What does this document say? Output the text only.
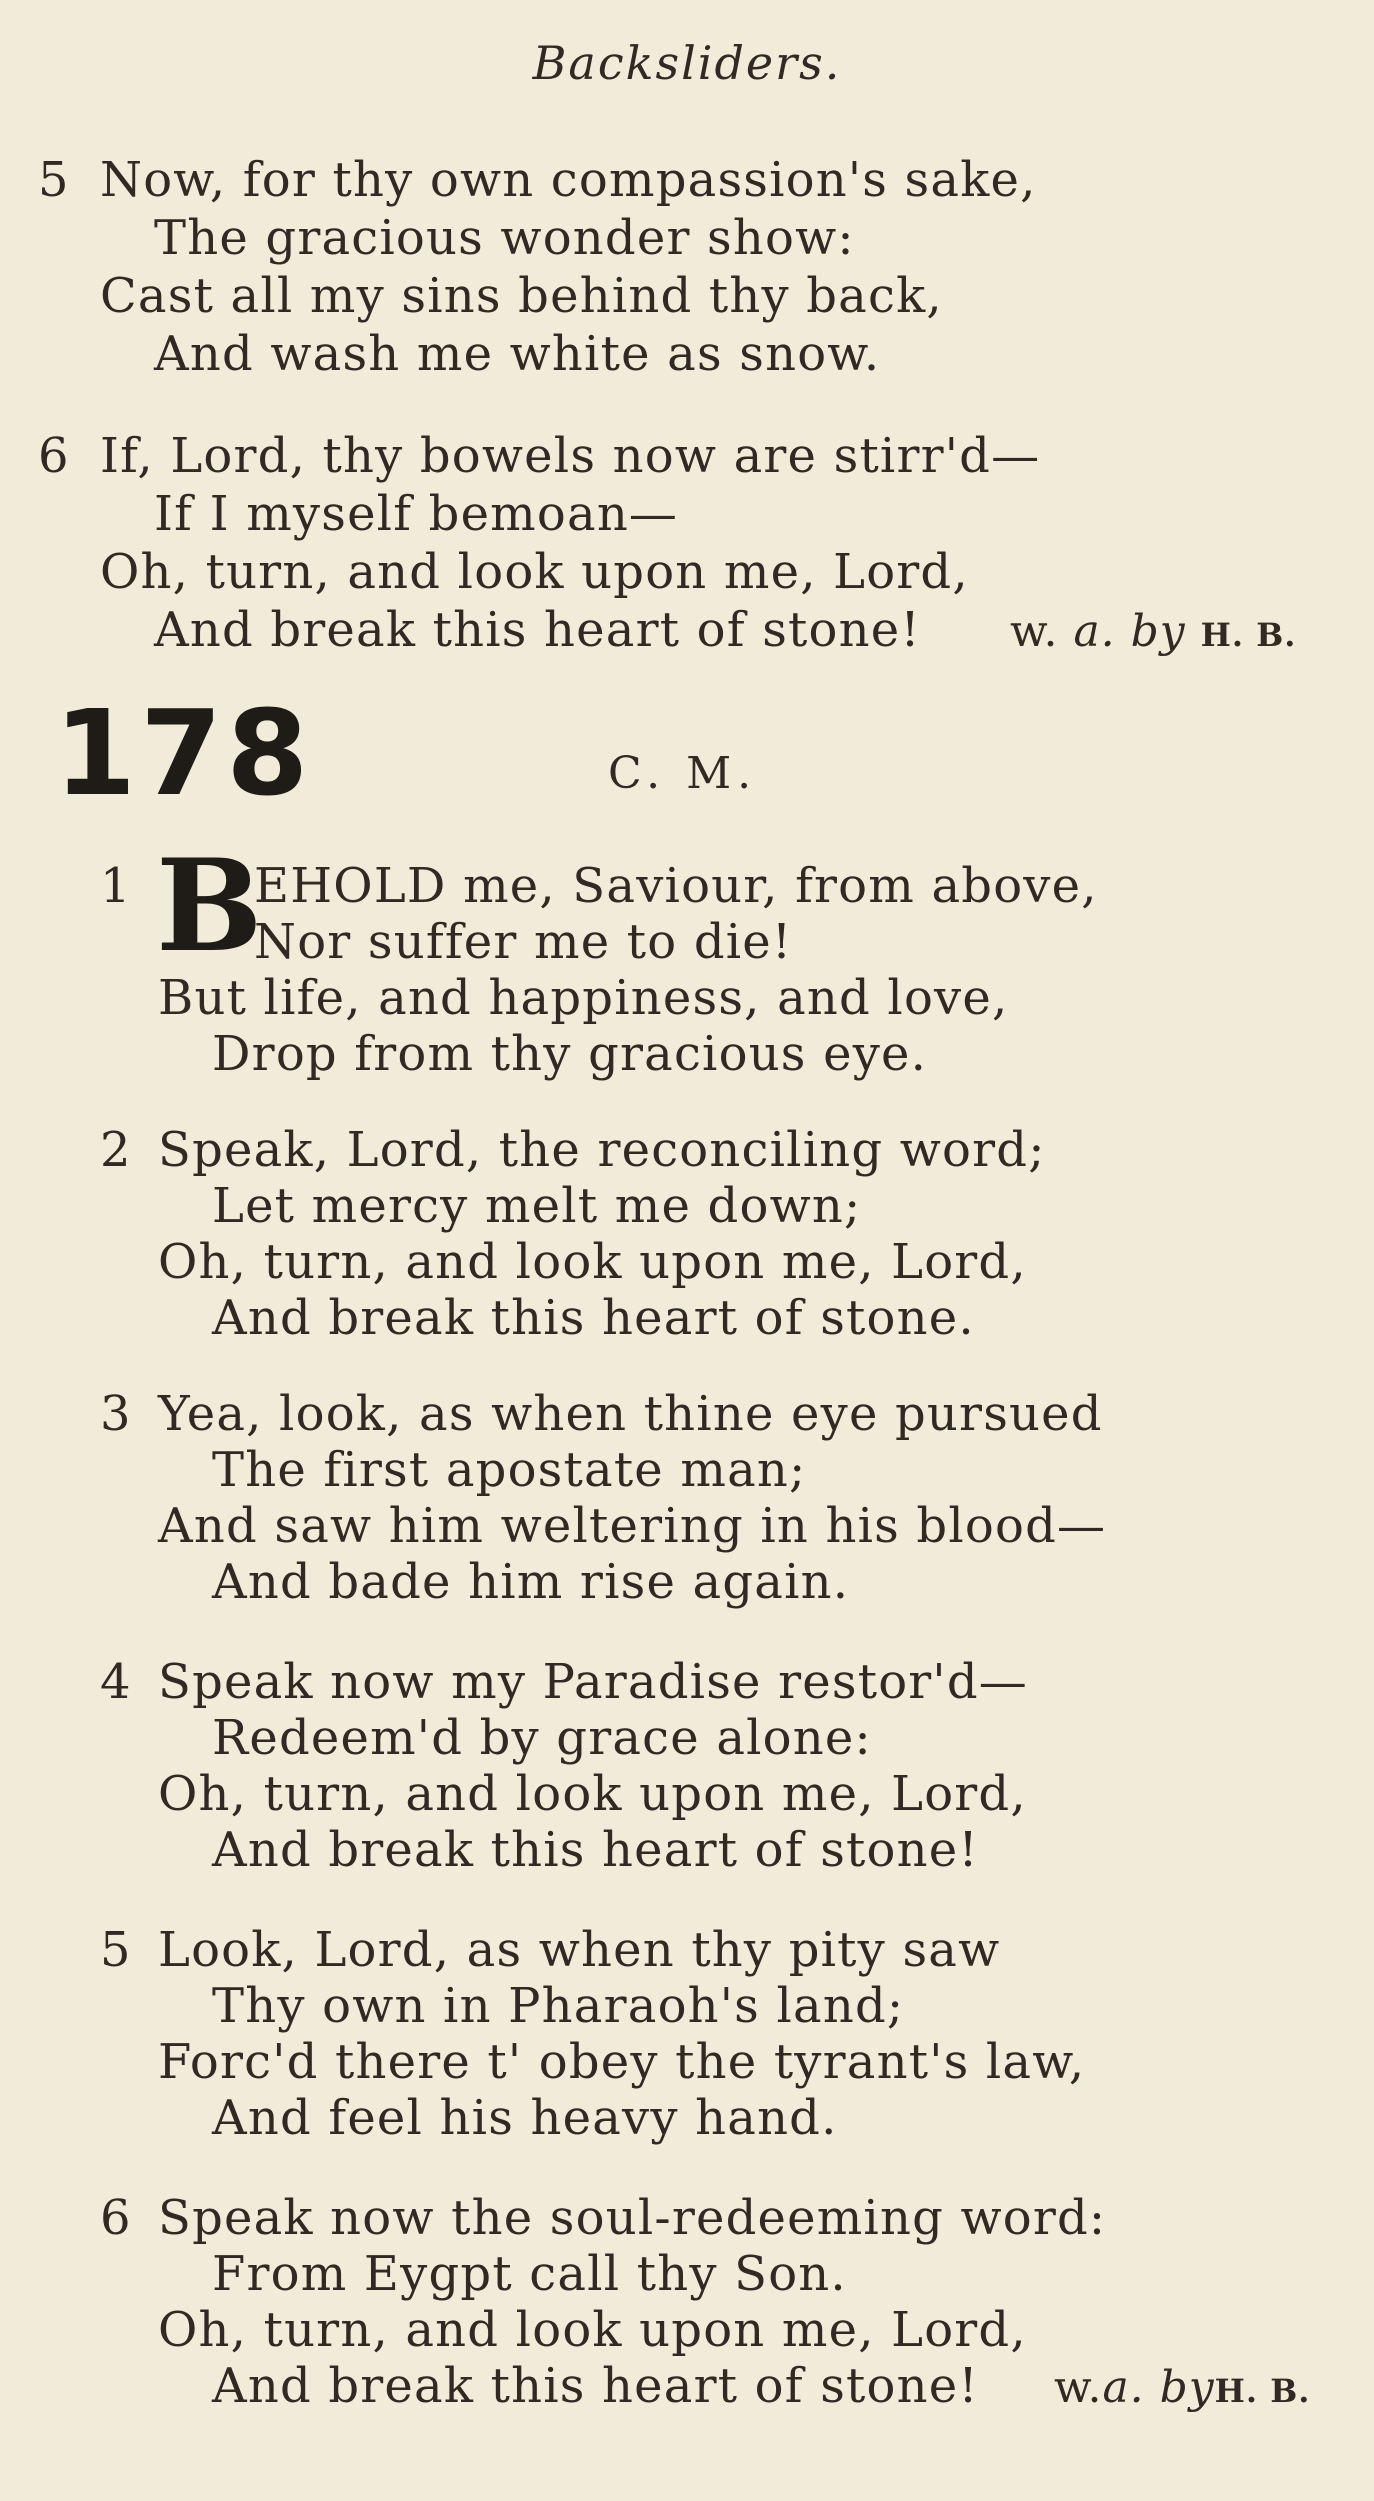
Backsliders.
5 Now, for thy own compassion's sake,
The gracious wonder show:
Cast all my sins behind thy back,
And wash me white as snow.
6 If, Lord, thy bowels now are stirr'd—
If I myself bemoan—
Oh, turn, and look upon me, Lord,
And break this heart of stone! w. a. by H. B.
178	C. M.
1 B
EHOLD me, Saviour, from above,
Nor suffer me to die!
But life, and happiness, and love,
Drop from thy gracious eye.
2 Speak, Lord, the reconciling word;
Let mercy melt me down;
Oh, turn, and look upon me, Lord,
And break this heart of stone.
3 Yea, look, as when thine eye pursued
The first apostate man;
And saw him weltering in his blood—
And bade him rise again.
4 Speak now my Paradise restor'd—
Redeem'd by grace alone:
Oh, turn, and look upon me, Lord,
And break this heart of stone!
5 Look, Lord, as when thy pity saw
Thy own in Pharaoh's land;
Forc'd there t' obey the tyrant's law,
And feel his heavy hand.
6 Speak now the soul-redeeming word:
From Eygpt call thy Son.
Oh, turn, and look upon me, Lord,
And break this heart of stone! w.a. byH. B.
